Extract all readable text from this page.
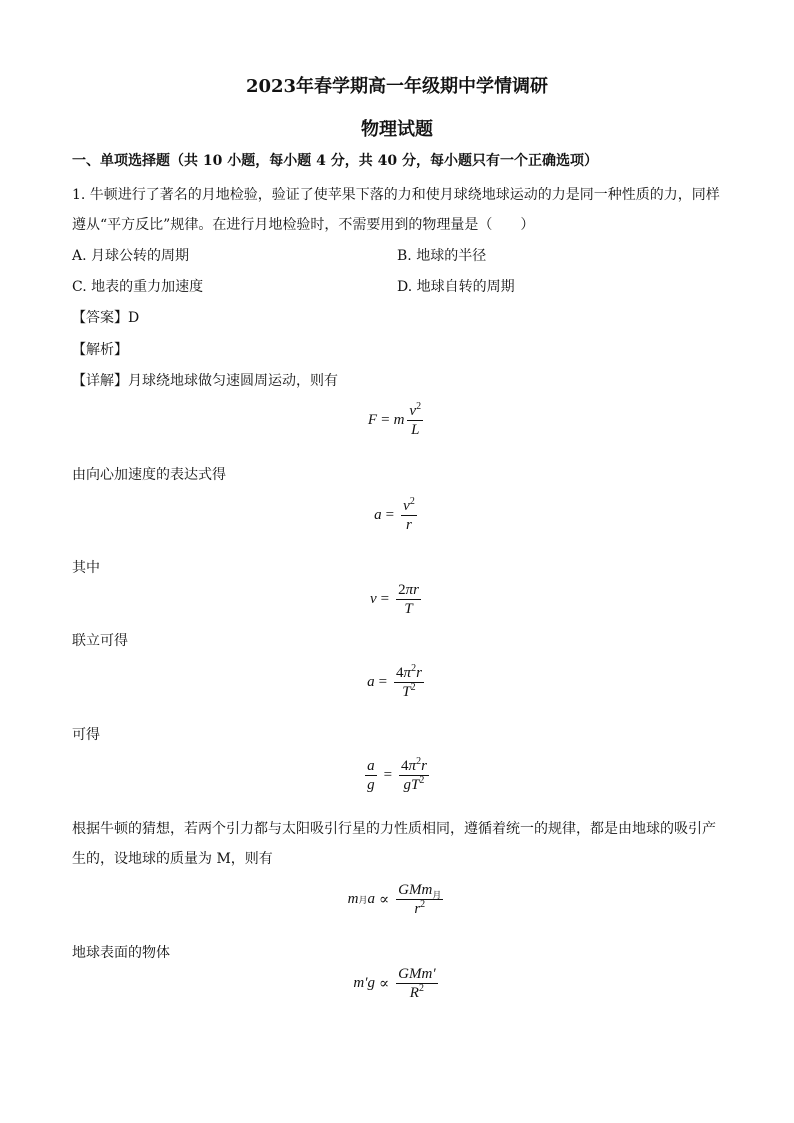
2023年春学期高一年级期中学情调研
物理试题
一、单项选择题（共 10 小题，每小题 4 分，共 40 分，每小题只有一个正确选项）
1. 牛顿进行了著名的月地检验，验证了使苹果下落的力和使月球绕地球运动的力是同一种性质的力，同样
遵从“平方反比”规律。在进行月地检验时，不需要用到的物理量是（　　）
A. 月球公转的周期	B. 地球的半径
C. 地表的重力加速度	D. 地球自转的周期
【答案】D
【解析】
【详解】月球绕地球做匀速圆周运动，则有
F = m $\frac{v^2}{L}$
由向心加速度的表达式得
$a = \frac{v^2}{r}$
其中
$v = \frac{2\pi r}{T}$
联立可得
$a = \frac{4\pi^2r}{T^2}$
可得
$\frac{a}{g} = \frac{4\pi^2r}{gT^2}$
根据牛顿的猜想，若两个引力都与太阳吸引行星的力性质相同，遵循着统一的规律，都是由地球的吸引产
生的，设地球的质量为 M，则有
m 月 $a \propto \frac{GMm_月}{r^2}$
地球表面的物体
$m'g \propto \frac{\text{GMm′}}{R^2}$
